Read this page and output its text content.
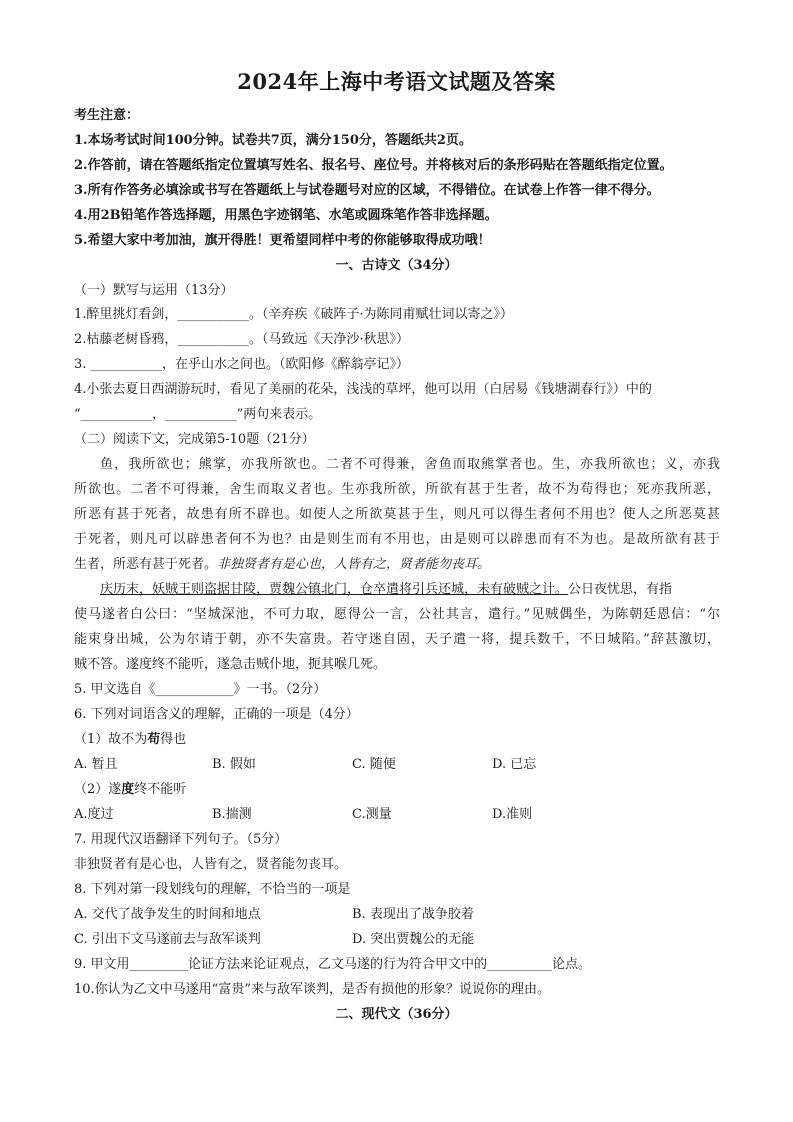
2024年上海中考语文试题及答案
考生注意：
1.本场考试时间100分钟。试卷共7页，满分150分，答题纸共2页。
2.作答前，请在答题纸指定位置填写姓名、报名号、座位号。并将核对后的条形码贴在答题纸指定位置。
3.所有作答务必填涂或书写在答题纸上与试卷题号对应的区域，不得错位。在试卷上作答一律不得分。
4.用2B铅笔作答选择题，用黑色字迹钢笔、水笔或圆珠笔作答非选择题。
5.希望大家中考加油，旗开得胜！更希望同样中考的你能够取得成功哦！
一、古诗文（34分）
（一）默写与运用（13分）
1.醉里挑灯看剑，___________。（辛弃疾《破阵子·为陈同甫赋壮词以寄之》）
2.枯藤老树昏鸦，___________。（马致远《天净沙·秋思》）
3. ___________，在乎山水之间也。（欧阳修《醉翁亭记》）
4.小张去夏日西湖游玩时，看见了美丽的花朵，浅浅的草坪，他可以用（白居易《钱塘湖春行》）中的
“___________，___________”两句来表示。
（二）阅读下文，完成第5-10题（21分）
鱼，我所欲也；熊掌，亦我所欲也。二者不可得兼，舍鱼而取熊掌者也。生，亦我所欲也；义，亦我
所欲也。二者不可得兼，舍生而取义者也。生亦我所欲，所欲有甚于生者，故不为苟得也；死亦我所恶，
所恶有甚于死者，故患有所不辟也。如使人之所欲莫甚于生，则凡可以得生者何不用也？使人之所恶莫甚
于死者，则凡可以辟患者何不为也？由是则生而有不用也，由是则可以辟患而有不为也。是故所欲有甚于
生者，所恶有甚于死者。非独贤者有是心也，人皆有之，贤者能勿丧耳。
庆历末，妖贼王则盗据甘陵，贾魏公镇北门，仓卒遣将引兵还城，未有破贼之计。公日夜忧思，有指
使马遂者白公曰：“坚城深池，不可力取，愿得公一言，公社其言，遣行。”见贼偶坐，为陈朝廷恩信：“尔
能束身出城，公为尔请于朝，亦不失富贵。若守迷自固，天子遣一将，提兵数千，不日城陷。”辞甚激切，
贼不答。遂度终不能听，遂急击贼仆地，扼其喉几死。
5. 甲文选自《____________》一书。（2分）
6. 下列对词语含义的理解，正确的一项是（4分）
（1）故不为苟得也
A. 暂且	B. 假如	C. 随便	D. 已忘
（2）遂度终不能听
A.度过	B.揣测	C.测量	D.准则
7. 用现代汉语翻译下列句子。（5分）
非独贤者有是心也，人皆有之，贤者能勿丧耳。
8. 下列对第一段划线句的理解，不恰当的一项是
A. 交代了战争发生的时间和地点	B. 表现出了战争胶着
C. 引出下文马遂前去与敌军谈判	D. 突出贾魏公的无能
9. 甲文用_________论证方法来论证观点，乙文马遂的行为符合甲文中的__________论点。
10.你认为乙文中马遂用“富贵”来与敌军谈判，是否有损他的形象？说说你的理由。
二、现代文（36分）
